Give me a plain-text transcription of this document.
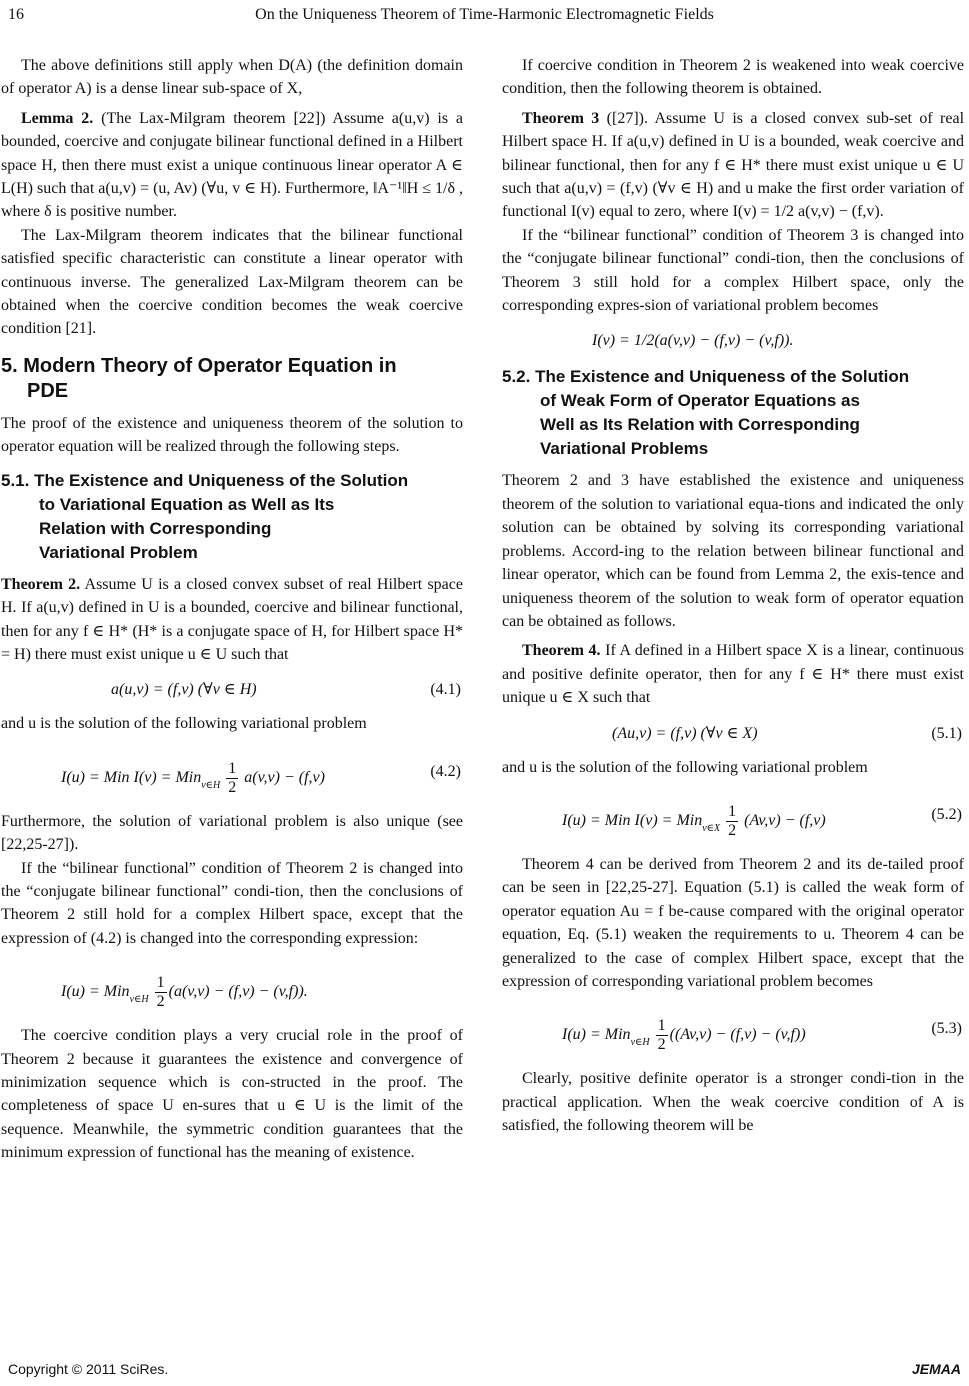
16	On the Uniqueness Theorem of Time-Harmonic Electromagnetic Fields

The above definitions still apply when D(A) (the definition domain of operator A) is a dense linear sub-space of X,

Lemma 2. (The Lax-Milgram theorem [22]) Assume a(u,v) is a bounded, coercive and conjugate bilinear functional defined in a Hilbert space H, then there must exist a unique continuous linear operator A ∈ L(H) such that a(u,v) = (u, Av) (∀u, v ∈ H). Furthermore, ‖A⁻¹‖H ≤ 1/δ , where δ is positive number.

The Lax-Milgram theorem indicates that the bilinear functional satisfied specific characteristic can constitute a linear operator with continuous inverse. The generalized Lax-Milgram theorem can be obtained when the coercive condition becomes the weak coercive condition [21].

5. Modern Theory of Operator Equation in
PDE

The proof of the existence and uniqueness theorem of the solution to operator equation will be realized through the following steps.

5.1. The Existence and Uniqueness of the Solution
to Variational Equation as Well as Its
Relation with Corresponding
Variational Problem

Theorem 2. Assume U is a closed convex subset of real Hilbert space H. If a(u,v) defined in U is a bounded, coercive and bilinear functional, then for any f ∈ H* (H* is a conjugate space of H, for Hilbert space H* = H) there must exist unique u ∈ U such that

a(u,v) = (f,v) (∀v ∈ H)	(4.1)

and u is the solution of the following variational problem

I(u) = Min $I(v) = Min_{v\in H} \frac{1}{2} a(v,v) - (f,v)$	(4.2)

Furthermore, the solution of variational problem is also unique (see [22,25-27]).

If the “bilinear functional” condition of Theorem 2 is changed into the “conjugate bilinear functional” condi-tion, then the conclusions of Theorem 2 still hold for a complex Hilbert space, except that the expression of (4.2) is changed into the corresponding expression:

$I(u) = Min_{v\in H} \frac{1}{2} (a(v,v) - (f,v) - (v,f))$.

The coercive condition plays a very crucial role in the proof of Theorem 2 because it guarantees the existence and convergence of minimization sequence which is con-structed in the proof. The completeness of space U en-sures that u ∈ U is the limit of the sequence. Meanwhile, the symmetric condition guarantees that the minimum expression of functional has the meaning of existence.

If coercive condition in Theorem 2 is weakened into weak coercive condition, then the following theorem is obtained.

Theorem 3 ([27]). Assume U is a closed convex sub-set of real Hilbert space H. If a(u,v) defined in U is a bounded, weak coercive and bilinear functional, then for any f ∈ H* there must exist unique u ∈ U such that a(u,v) = (f,v) (∀v ∈ H) and u make the first order variation of functional I(v) equal to zero, where I(v) = 1/2 a(v,v) − (f,v).

If the “bilinear functional” condition of Theorem 3 is changed into the “conjugate bilinear functional” condi-tion, then the conclusions of Theorem 3 still hold for a complex Hilbert space, only the corresponding expres-sion of variational problem becomes

I(v) = 1/2(a(v,v) − (f,v) − (v,f)).
5.2. The Existence and Uniqueness of the Solution
of Weak Form of Operator Equations as
Well as Its Relation with Corresponding
Variational Problems

Theorem 2 and 3 have established the existence and uniqueness theorem of the solution to variational equa-tions and indicated the only solution can be obtained by solving its corresponding variational problems. Accord-ing to the relation between bilinear functional and linear operator, which can be found from Lemma 2, the exis-tence and uniqueness theorem of the solution to weak form of operator equation can be obtained as follows.

Theorem 4. If A defined in a Hilbert space X is a linear, continuous and positive definite operator, then for any f ∈ H* there must exist unique u ∈ X such that

(Au,v) = (f,v) (∀v ∈ X)	(5.1)

and u is the solution of the following variational problem

I(u) = Min $I(v) = Min_{v\in X} \frac{1}{2} (Av,v) - (f,v)$	(5.2)

Theorem 4 can be derived from Theorem 2 and its de-tailed proof can be seen in [22,25-27]. Equation (5.1) is called the weak form of operator equation Au = f be-cause compared with the original operator equation, Eq. (5.1) weaken the requirements to u. Theorem 4 can be generalized to the case of complex Hilbert space, except that the expression of corresponding variational problem becomes

$I(u) = Min_{v\in H} \frac{1}{2} ((Av,v) - (f,v) - (v,f))$	(5.3)

Clearly, positive definite operator is a stronger condi-tion in the practical application. When the weak coercive condition of A is satisfied, the following theorem will be

Copyright © 2011 SciRes.	JEMAA
